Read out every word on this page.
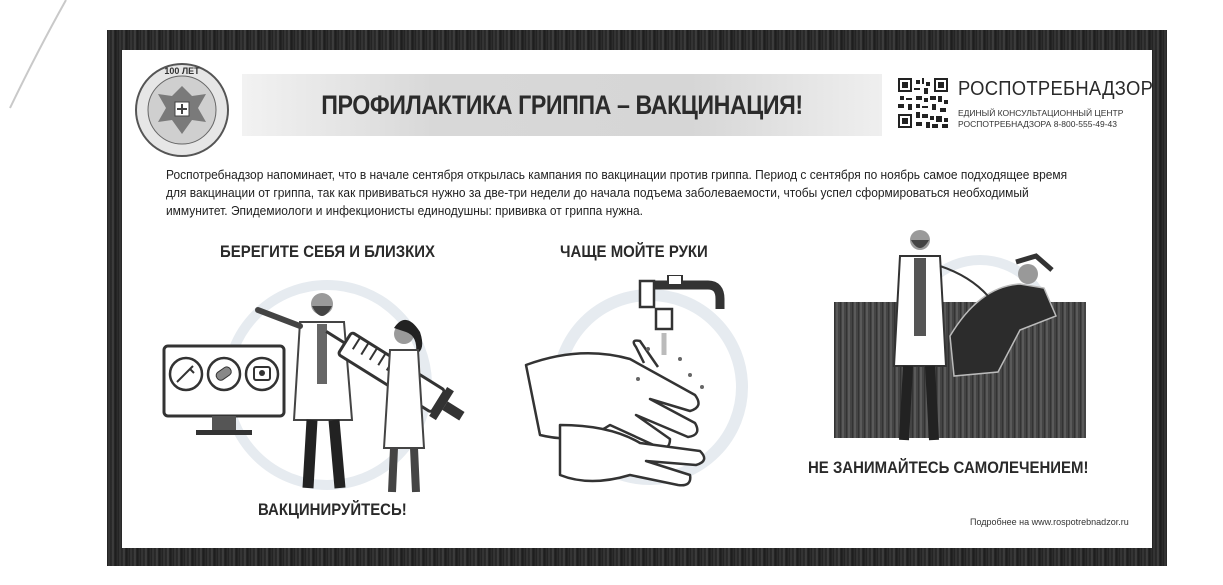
100 ЛЕТ
ПРОФИЛАКТИКА ГРИППА – ВАКЦИНАЦИЯ!
РОСПОТРЕБНАДЗОР
ЕДИНЫЙ КОНСУЛЬТАЦИОННЫЙ ЦЕНТР
РОСПОТРЕБНАДЗОРА 8-800-555-49-43
Роспотребнадзор напоминает, что в начале сентября открылась кампания по вакцинации против гриппа. Период с сентября по ноябрь самое подходящее время для вакцинации от гриппа, так как прививаться нужно за две-три недели до начала подъема заболеваемости, чтобы успел сформироваться необходимый иммунитет. Эпидемиологи и инфекционисты единодушны: прививка от гриппа нужна.
БЕРЕГИТЕ СЕБЯ И БЛИЗКИХ	ЧАЩЕ МОЙТЕ РУКИ
ВАКЦИНИРУЙТЕСЬ!
НЕ ЗАНИМАЙТЕСЬ САМОЛЕЧЕНИЕМ!
Подробнее на www.rospotrebnadzor.ru
